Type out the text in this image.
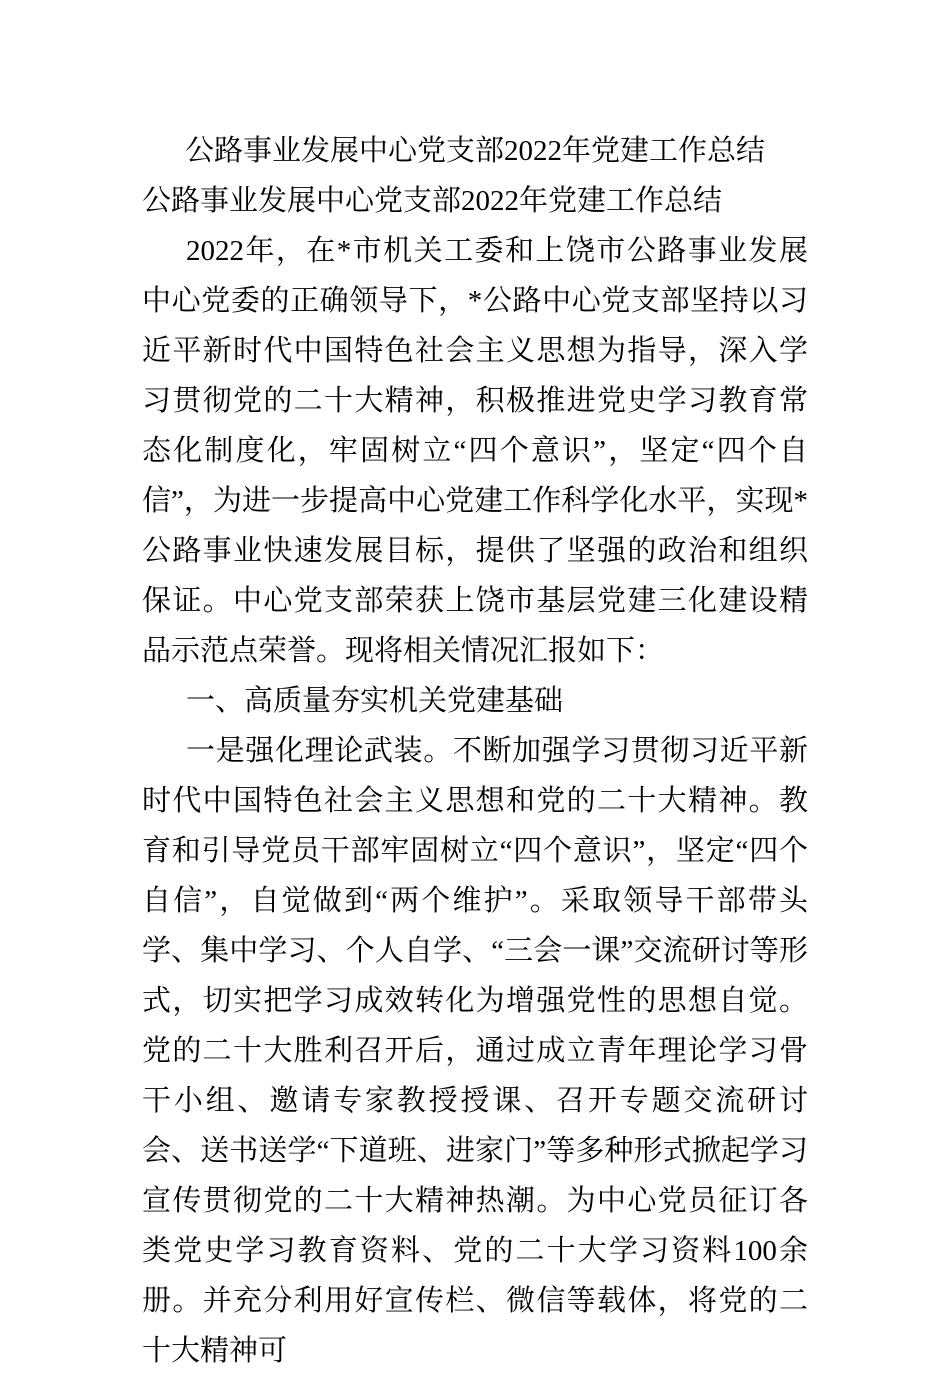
公路事业发展中心党支部2022年党建工作总结
公路事业发展中心党支部2022年党建工作总结

2022年，在*市机关工委和上饶市公路事业发展中心党委的正确领导下，*公路中心党支部坚持以习近平新时代中国特色社会主义思想为指导，深入学习贯彻党的二十大精神，积极推进党史学习教育常态化制度化，牢固树立“四个意识”，坚定“四个自信”，为进一步提高中心党建工作科学化水平，实现*公路事业快速发展目标，提供了坚强的政治和组织保证。中心党支部荣获上饶市基层党建三化建设精品示范点荣誉。现将相关情况汇报如下：

一、高质量夯实机关党建基础

一是强化理论武装。不断加强学习贯彻习近平新时代中国特色社会主义思想和党的二十大精神。教育和引导党员干部牢固树立“四个意识”，坚定“四个自信”，自觉做到“两个维护”。采取领导干部带头学、集中学习、个人自学、“三会一课”交流研讨等形式，切实把学习成效转化为增强党性的思想自觉。党的二十大胜利召开后，通过成立青年理论学习骨干小组、邀请专家教授授课、召开专题交流研讨会、送书送学“下道班、进家门”等多种形式掀起学习宣传贯彻党的二十大精神热潮。为中心党员征订各类党史学习教育资料、党的二十大学习资料100余册。并充分利用好宣传栏、微信等载体，将党的二十大精神可
